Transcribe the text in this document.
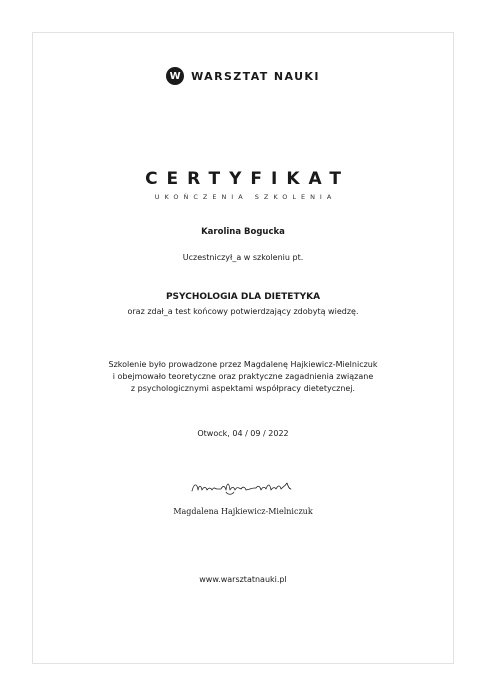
W WARSZTAT NAUKI
CERTYFIKAT
UKOŃCZENIA SZKOLENIA
Karolina Bogucka
Uczestniczył_a w szkoleniu pt.
PSYCHOLOGIA DLA DIETETYKA
oraz zdał_a test końcowy potwierdzający zdobytą wiedzę.
Szkolenie było prowadzone przez Magdalenę Hajkiewicz-Mielniczuk
i obejmowało teoretyczne oraz praktyczne zagadnienia związane
z psychologicznymi aspektami współpracy dietetycznej.
Otwock, 04 / 09 / 2022
Magdalena Hajkiewicz-Mielniczuk
www.warsztatnauki.pl
